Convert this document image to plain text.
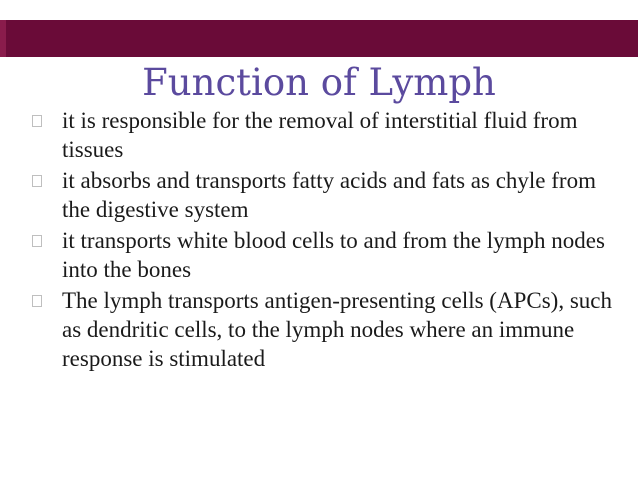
Function of Lymph
it is responsible for the removal of interstitial fluid from tissues
it absorbs and transports fatty acids and fats as chyle from the digestive system
it transports white blood cells to and from the lymph nodes into the bones
The lymph transports antigen-presenting cells (APCs), such as dendritic cells, to the lymph nodes where an immune response is stimulated
